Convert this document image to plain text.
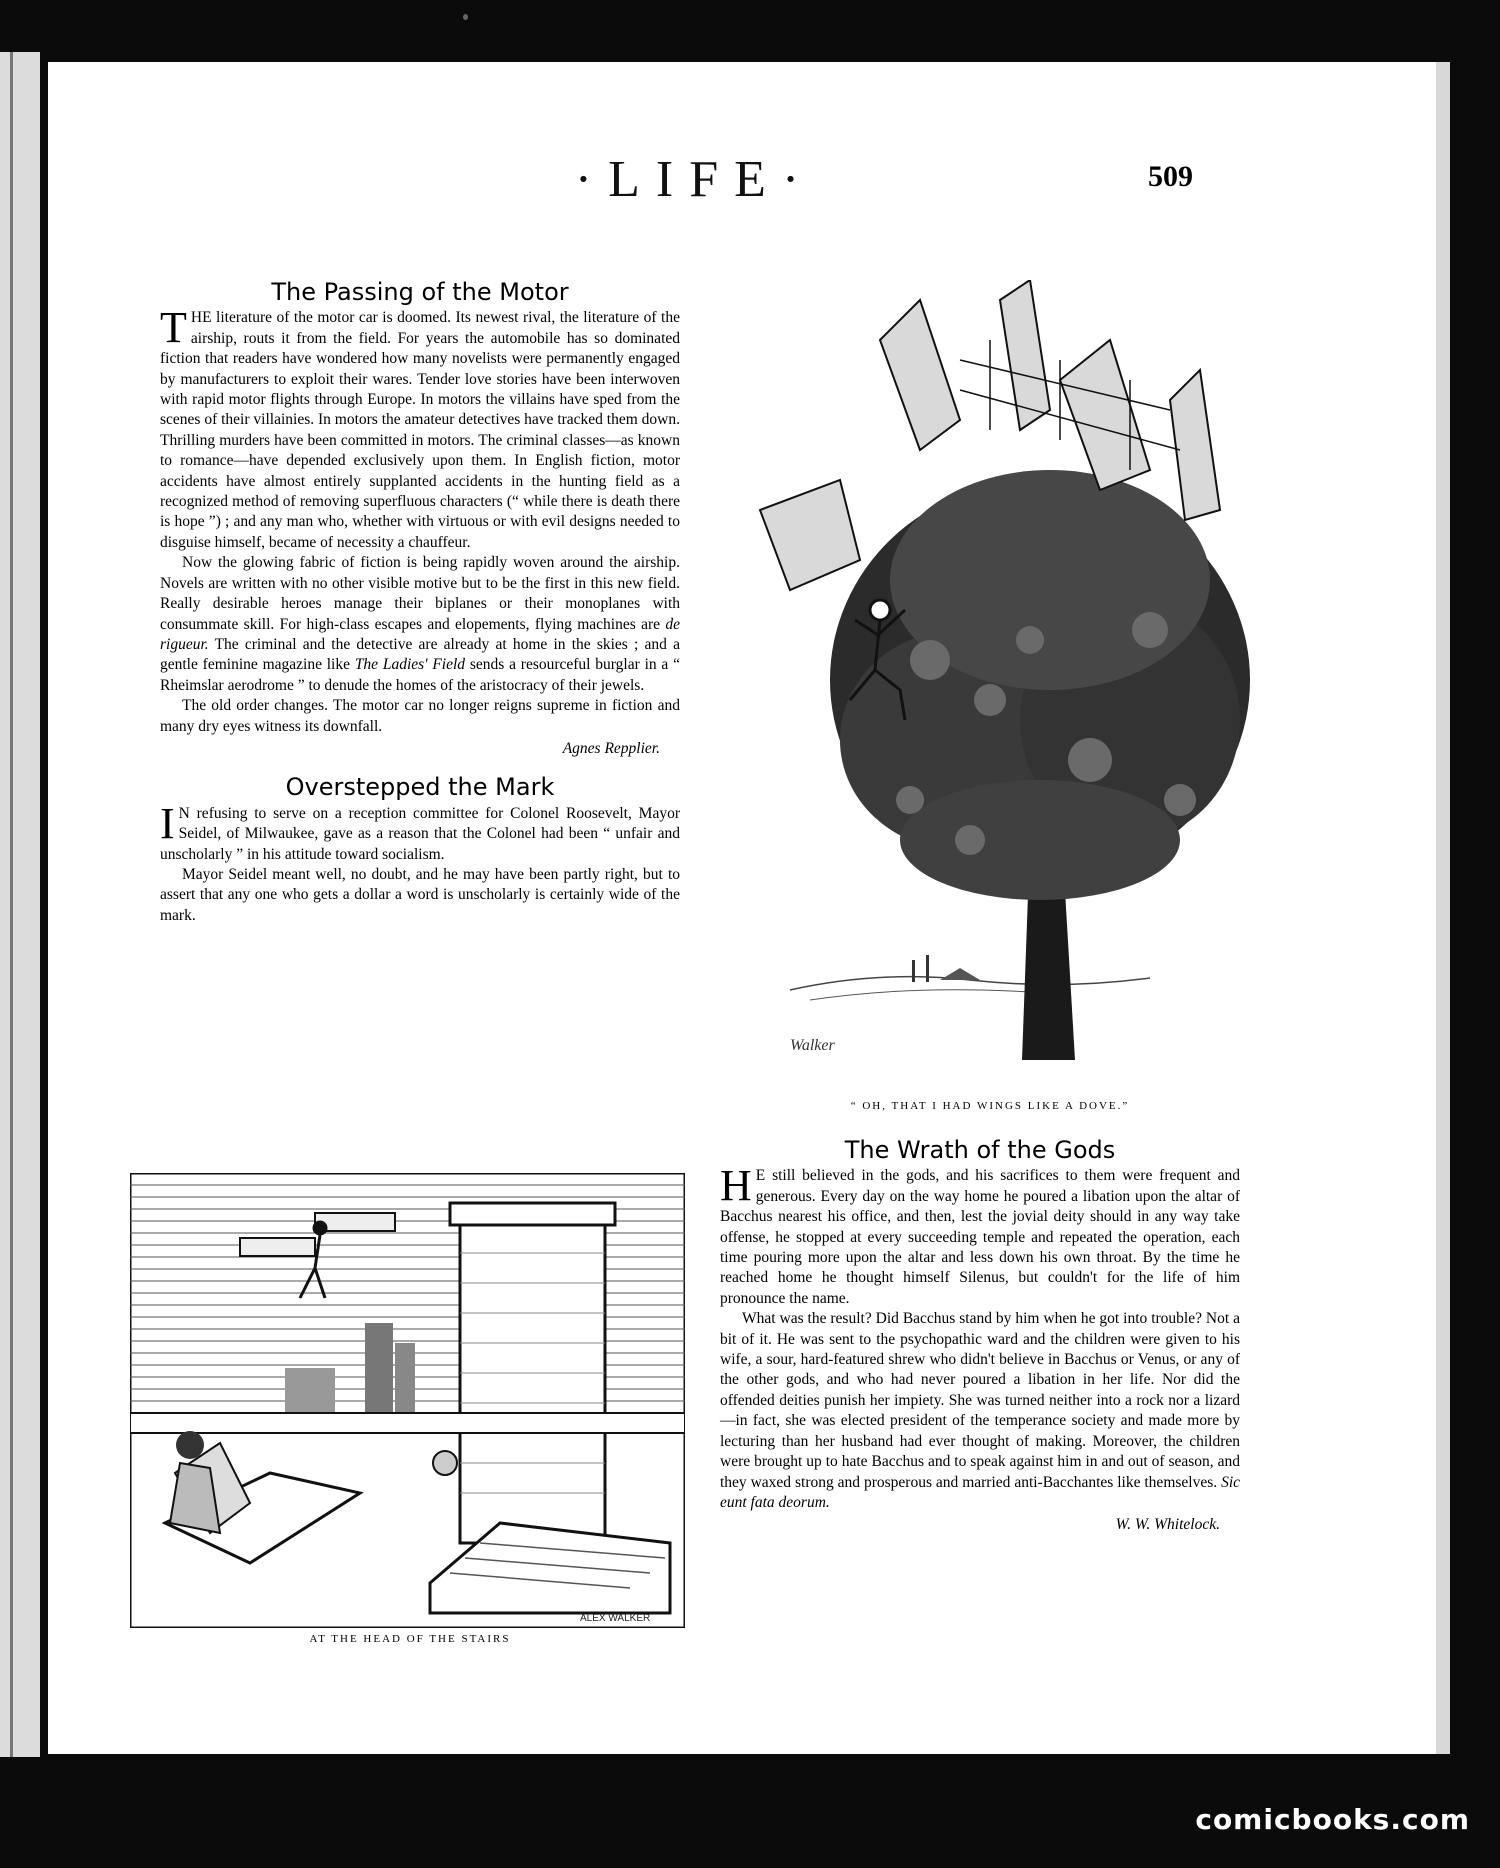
·LIFE·	509
The Passing of the Motor

THE literature of the motor car is doomed. Its newest rival, the literature of the airship, routs it from the field. For years the automobile has so dominated fiction that readers have wondered how many novelists were permanently engaged by manufacturers to exploit their wares. Tender love stories have been interwoven with rapid motor flights through Europe. In motors the villains have sped from the scenes of their villainies. In motors the amateur detectives have tracked them down. Thrilling murders have been committed in motors. The criminal classes—as known to romance—have depended exclusively upon them. In English fiction, motor accidents have almost entirely supplanted accidents in the hunting field as a recognized method of removing superfluous characters (“ while there is death there is hope ”) ; and any man who, whether with virtuous or with evil designs needed to disguise himself, became of necessity a chauffeur.

Now the glowing fabric of fiction is being rapidly woven around the airship. Novels are written with no other visible motive but to be the first in this new field. Really desirable heroes manage their biplanes or their monoplanes with consummate skill. For high-class escapes and elopements, flying machines are de rigueur. The criminal and the detective are already at home in the skies ; and a gentle feminine magazine like The Ladies' Field sends a resourceful burglar in a “ Rheimslar aerodrome ” to denude the homes of the aristocracy of their jewels.

The old order changes. The motor car no longer reigns supreme in fiction and many dry eyes witness its downfall.

Agnes Repplier.
Overstepped the Mark

I N refusing to serve on a reception committee for Colonel Roosevelt, Mayor Seidel, of Milwaukee, gave as a reason that the Colonel had been “ unfair and unscholarly ” in his attitude toward socialism.

Mayor Seidel meant well, no doubt, and he may have been partly right, but to assert that any one who gets a dollar a word is unscholarly is certainly wide of the mark.

Walker
“ OH, THAT I HAD WINGS LIKE A DOVE.”
ALEX WALKER
AT THE HEAD OF THE STAIRS
The Wrath of the Gods

H E still believed in the gods, and his sacrifices to them were frequent and generous. Every day on the way home he poured a libation upon the altar of Bacchus nearest his office, and then, lest the jovial deity should in any way take offense, he stopped at every succeeding temple and repeated the operation, each time pouring more upon the altar and less down his own throat. By the time he reached home he thought himself Silenus, but couldn't for the life of him pronounce the name.

What was the result? Did Bacchus stand by him when he got into trouble? Not a bit of it. He was sent to the psychopathic ward and the children were given to his wife, a sour, hard-featured shrew who didn't believe in Bacchus or Venus, or any of the other gods, and who had never poured a libation in her life. Nor did the offended deities punish her impiety. She was turned neither into a rock nor a lizard—in fact, she was elected president of the temperance society and made more by lecturing than her husband had ever thought of making. Moreover, the children were brought up to hate Bacchus and to speak against him in and out of season, and they waxed strong and prosperous and married anti-Bacchantes like themselves. Sic eunt fata deorum.

W. W. Whitelock.
comicbooks.com
